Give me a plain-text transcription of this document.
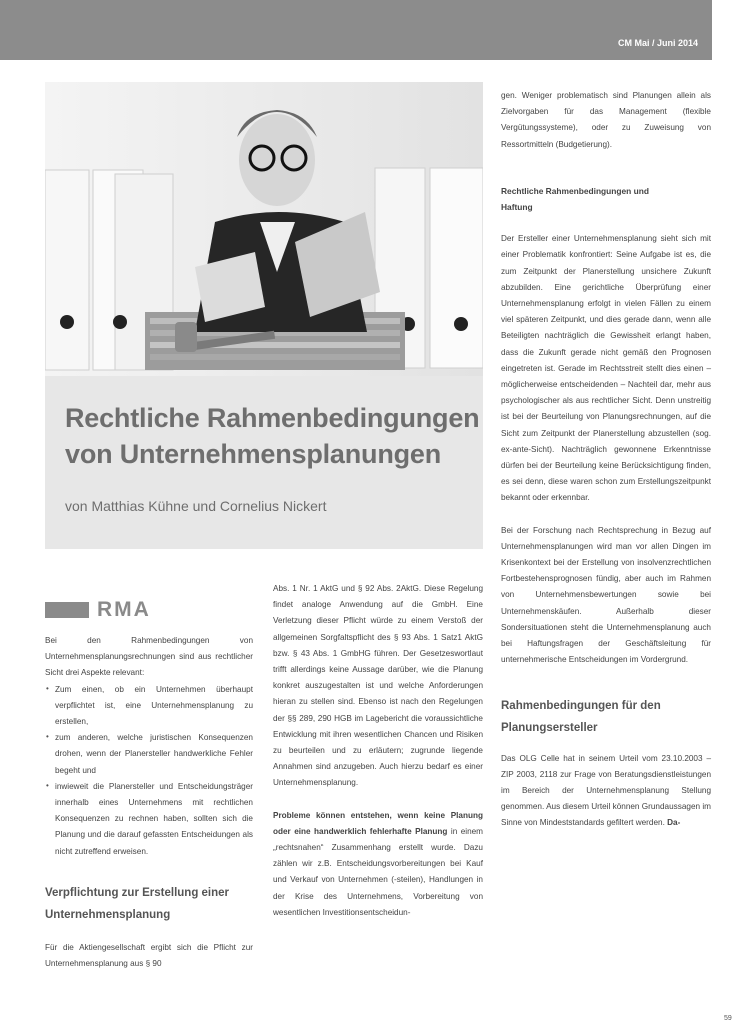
CM Mai / Juni 2014
Rechtliche Rahmenbedingungen
von Unternehmensplanungen
von Matthias Kühne und Cornelius Nickert
RMA

Bei den Rahmenbedingungen von Unternehmensplanungsrechnungen sind aus rechtlicher Sicht drei Aspekte relevant:

• Zum einen, ob ein Unternehmen überhaupt verpflichtet ist, eine Unternehmensplanung zu erstellen,
• zum anderen, welche juristischen Konsequenzen drohen, wenn der Planersteller handwerkliche Fehler begeht und
• inwieweit die Planersteller und Entscheidungsträger innerhalb eines Unternehmens mit rechtlichen Konsequenzen zu rechnen haben, sollten sich die Planung und die darauf gefassten Entscheidungen als nicht zutreffend erweisen.
Verpflichtung zur Erstellung einer Unternehmensplanung

Für die Aktiengesellschaft ergibt sich die Pflicht zur Unternehmensplanung aus § 90

Abs. 1 Nr. 1 AktG und § 92 Abs. 2AktG. Diese Regelung findet analoge Anwendung auf die GmbH. Eine Verletzung dieser Pflicht würde zu einem Verstoß der allgemeinen Sorgfaltspflicht des § 93 Abs. 1 Satz1 AktG bzw. § 43 Abs. 1 GmbHG führen. Der Gesetzeswortlaut trifft allerdings keine Aussage darüber, wie die Planung konkret auszugestalten ist und welche Anforderungen hieran zu stellen sind. Ebenso ist nach den Regelungen der §§ 289, 290 HGB im Lagebericht die voraussichtliche Entwicklung mit ihren wesentlichen Chancen und Risiken zu beurteilen und zu erläutern; zugrunde liegende Annahmen sind anzugeben. Auch hierzu bedarf es einer Unternehmensplanung.

Probleme können entstehen, wenn keine Planung oder eine handwerklich fehlerhafte Planung in einem „rechtsnahen“ Zusammenhang erstellt wurde. Dazu zählen wir z.B. Entscheidungsvorbereitungen bei Kauf und Verkauf von Unternehmen (-steilen), Handlungen in der Krise des Unternehmens, Vorbereitung von wesentlichen Investitionsentscheidun-

gen. Weniger problematisch sind Planungen allein als Zielvorgaben für das Management (flexible Vergütungssysteme), oder zu Zuweisung von Ressortmitteln (Budgetierung).

Rechtliche Rahmenbedingungen und
Haftung

Der Ersteller einer Unternehmensplanung sieht sich mit einer Problematik konfrontiert: Seine Aufgabe ist es, die zum Zeitpunkt der Planerstellung unsichere Zukunft abzubilden. Eine gerichtliche Überprüfung einer Unternehmensplanung erfolgt in vielen Fällen zu einem viel späteren Zeitpunkt, und dies gerade dann, wenn alle Beteiligten nachträglich die Gewissheit erlangt haben, dass die Zukunft gerade nicht gemäß den Prognosen eingetreten ist. Gerade im Rechtsstreit stellt dies einen – möglicherweise entscheidenden – Nachteil dar, mehr aus psychologischer als aus rechtlicher Sicht. Denn unstreitig ist bei der Beurteilung von Planungsrechnungen, auf die Sicht zum Zeitpunkt der Planerstellung abzustellen (sog. ex-ante-Sicht). Nachträglich gewonnene Erkenntnisse dürfen bei der Beurteilung keine Berücksichtigung finden, es sei denn, diese waren schon zum Erstellungszeitpunkt bekannt oder erkennbar.

Bei der Forschung nach Rechtsprechung in Bezug auf Unternehmensplanungen wird man vor allen Dingen im Krisenkontext bei der Erstellung von insolvenzrechtlichen Fortbestehensprognosen fündig, aber auch im Rahmen von Unternehmensbewertungen sowie bei Unternehmenskäufen. Außerhalb dieser Sondersituationen steht die Unternehmensplanung auch bei Haftungsfragen der Geschäftsleitung für unternehmerische Entscheidungen im Vordergrund.

Rahmenbedingungen für den Planungsersteller

Das OLG Celle hat in seinem Urteil vom 23.10.2003 – ZIP 2003, 2118 zur Frage von Beratungsdienstleistungen im Bereich der Unternehmensplanung Stellung genommen. Aus diesem Urteil können Grundaussagen im Sinne von Mindeststandards gefiltert werden. Da-

59
